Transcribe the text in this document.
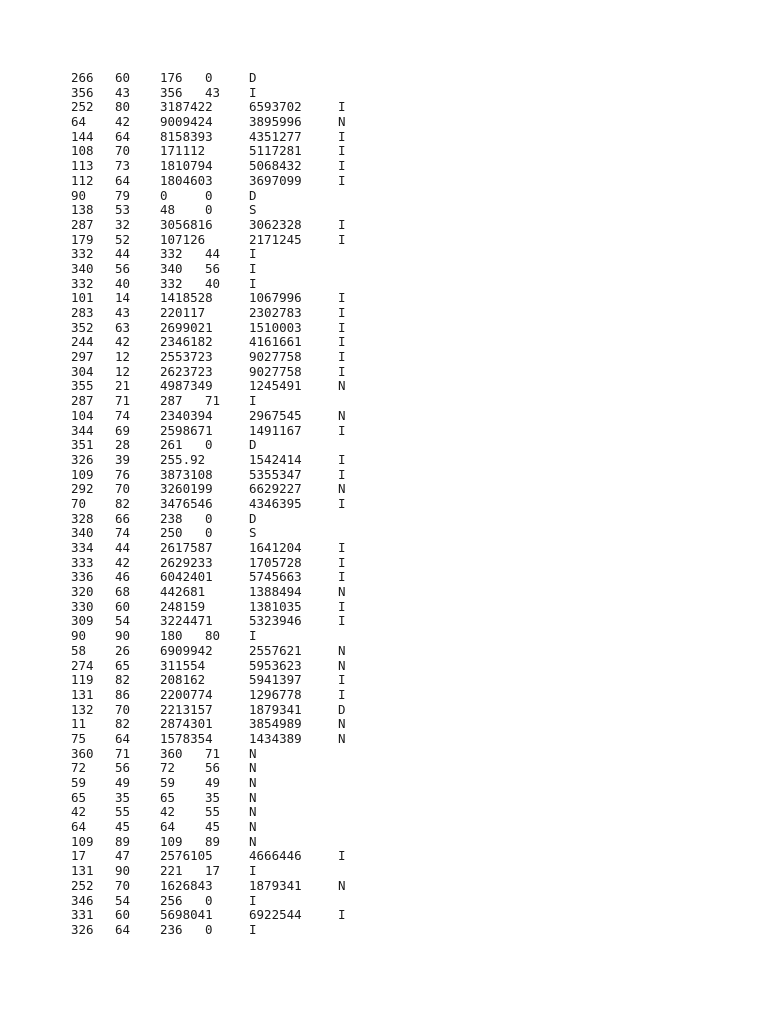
266 60 176 0	D
356 43 356 43 I
252 80 3187422	6593702	I
64 42 9009424	3895996	N
144 64 8158393	4351277	I
108 70 171112	5117281	I
113 73 1810794	5068432	I
112 64 1804603	3697099	I
90 79 0	0	D
138 53 48 0	S
287 32 3056816	3062328	I
179 52 107126	2171245	I
332 44 332 44 I
340 56 340 56 I
332 40 332 40 I
101 14 1418528	1067996	I
283 43 220117	2302783	I
352 63 2699021	1510003	I
244 42 2346182	4161661	I
297 12 2553723	9027758	I
304 12 2623723	9027758	I
355 21 4987349	1245491	N
287 71 287 71 I
104 74 2340394	2967545	N
344 69 2598671	1491167	I
351 28 261 0	D
326 39 255.92	1542414	I
109 76 3873108	5355347	I
292 70 3260199	6629227	N
70 82 3476546	4346395	I
328 66 238 0	D
340 74 250 0	S
334 44 2617587	1641204	I
333 42 2629233	1705728	I
336 46 6042401	5745663	I
320 68 442681	1388494	N
330 60 248159	1381035	I
309 54 3224471	5323946	I
90 90 180 80 I
58 26 6909942	2557621	N
274 65 311554	5953623	N
119 82 208162	5941397	I
131 86 2200774	1296778	I
132 70 2213157	1879341	D
11 82 2874301	3854989	N
75 64 1578354	1434389	N
360 71 360 71 N
72 56 72 56 N
59 49 59 49 N
65 35 65 35 N
42 55 42 55 N
64 45 64 45 N
109 89 109 89 N
17 47 2576105	4666446	I
131 90 221 17 I
252 70 1626843	1879341	N
346 54 256 0	I
331 60 5698041	6922544	I
326 64 236 0	I
